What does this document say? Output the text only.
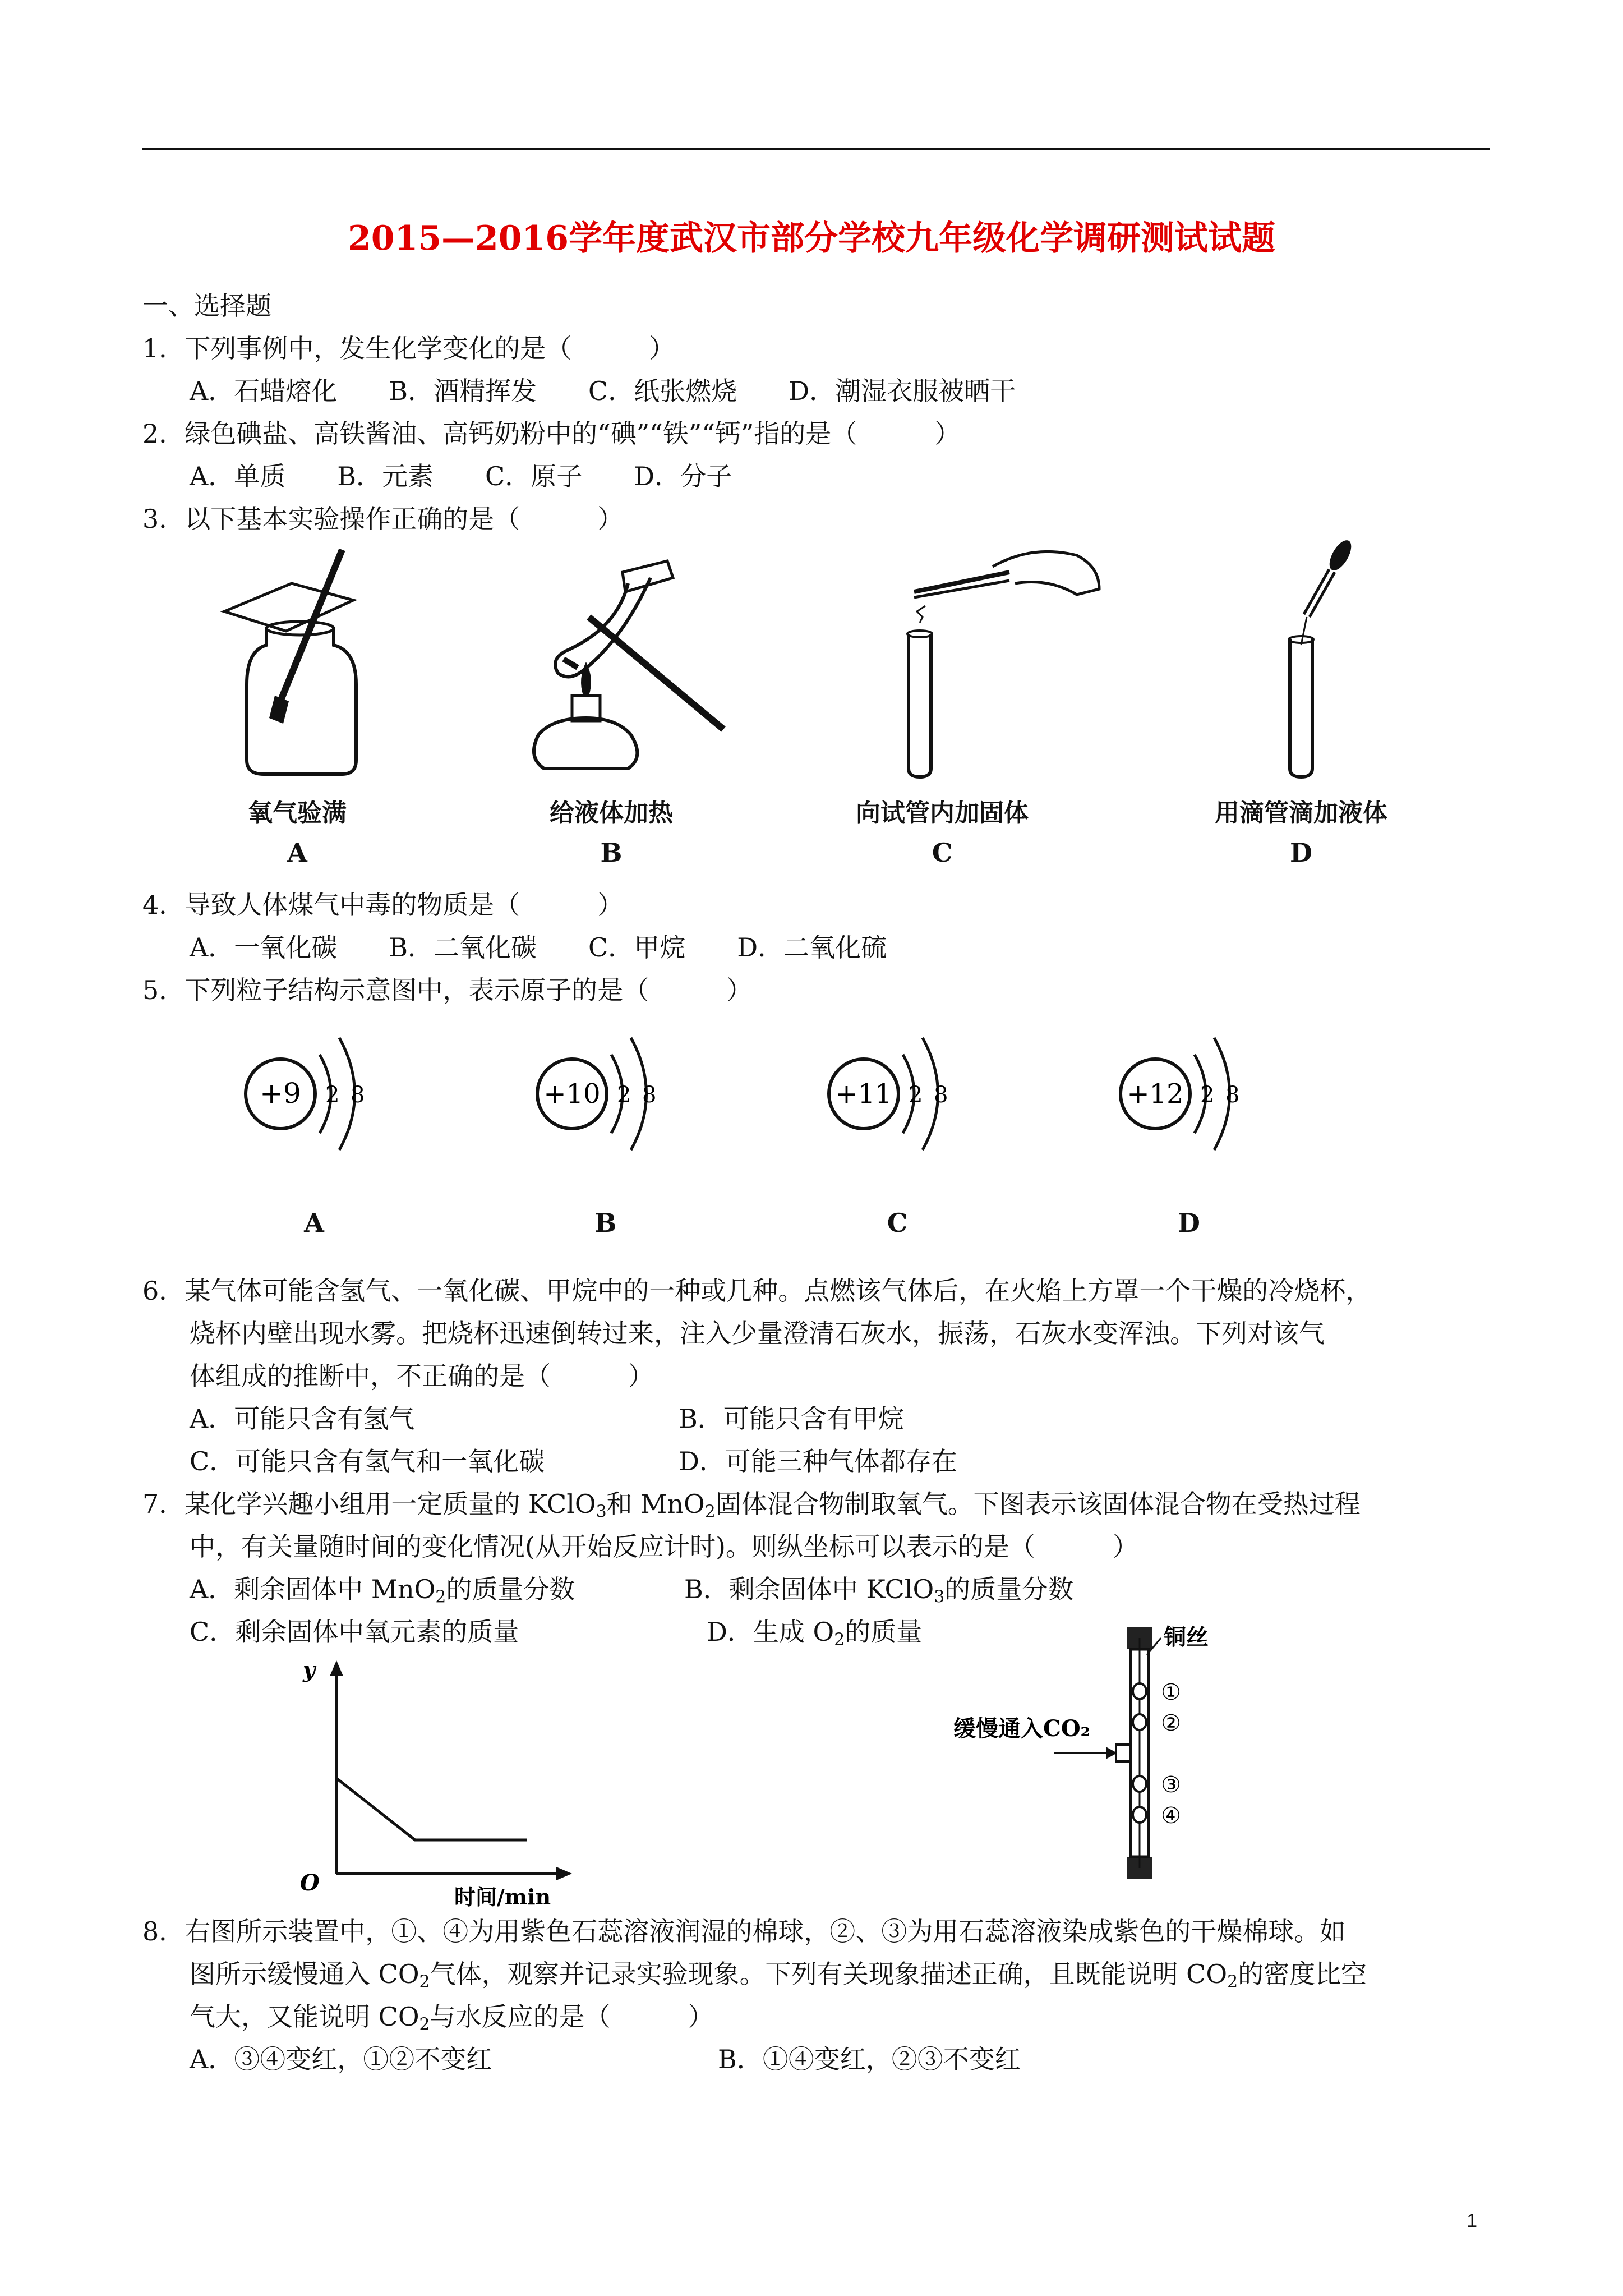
2015—2016学年度武汉市部分学校九年级化学调研测试试题
一、选择题
1．下列事例中，发生化学变化的是（　　　）
A．石蜡熔化　　B．酒精挥发　　C．纸张燃烧　　D．潮湿衣服被晒干
2．绿色碘盐、高铁酱油、高钙奶粉中的“碘”“铁”“钙”指的是（　　　）
A．单质　　B．元素　　C．原子　　D．分子
3．以下基本实验操作正确的是（　　　）
氧气验满
A
给液体加热
B
向试管内加固体
C
用滴管滴加液体
D
4．导致人体煤气中毒的物质是（　　　）
A．一氧化碳　　B．二氧化碳　　C．甲烷　　D．二氧化硫
5．下列粒子结构示意图中，表示原子的是（　　　）
+9 2 8	+10 2 8	+11 2 8	+12 2 8
A	B	C	D
6．某气体可能含氢气、一氧化碳、甲烷中的一种或几种。点燃该气体后，在火焰上方罩一个干燥的冷烧杯，
烧杯内壁出现水雾。把烧杯迅速倒转过来，注入少量澄清石灰水，振荡，石灰水变浑浊。下列对该气
体组成的推断中，不正确的是（　　　）
A．可能只含有氢气	B．可能只含有甲烷
C．可能只含有氢气和一氧化碳	D．可能三种气体都存在
7．某化学兴趣小组用一定质量的 KClO$_3$和 MnO$_2$固体混合物制取氧气。下图表示该固体混合物在受热过程
中，有关量随时间的变化情况(从开始反应计时)。则纵坐标可以表示的是（　　　）
A．剩余固体中 MnO$_2$的质量分数	B．剩余固体中 KClO$_3$的质量分数
C．剩余固体中氧元素的质量	D．生成 $O_2$的质量
y
O
时间/min
铜丝
①
②
③
④
缓慢通入CO₂
8．右图所示装置中，①、④为用紫色石蕊溶液润湿的棉球，②、③为用石蕊溶液染成紫色的干燥棉球。如
图所示缓慢通入 $CO_2$气体，观察并记录实验现象。下列有关现象描述正确，且既能说明 $CO_2$的密度比空
气大，又能说明 $CO_2$与水反应的是（　　　）
A．③④变红，①②不变红	B．①④变红，②③不变红
1
